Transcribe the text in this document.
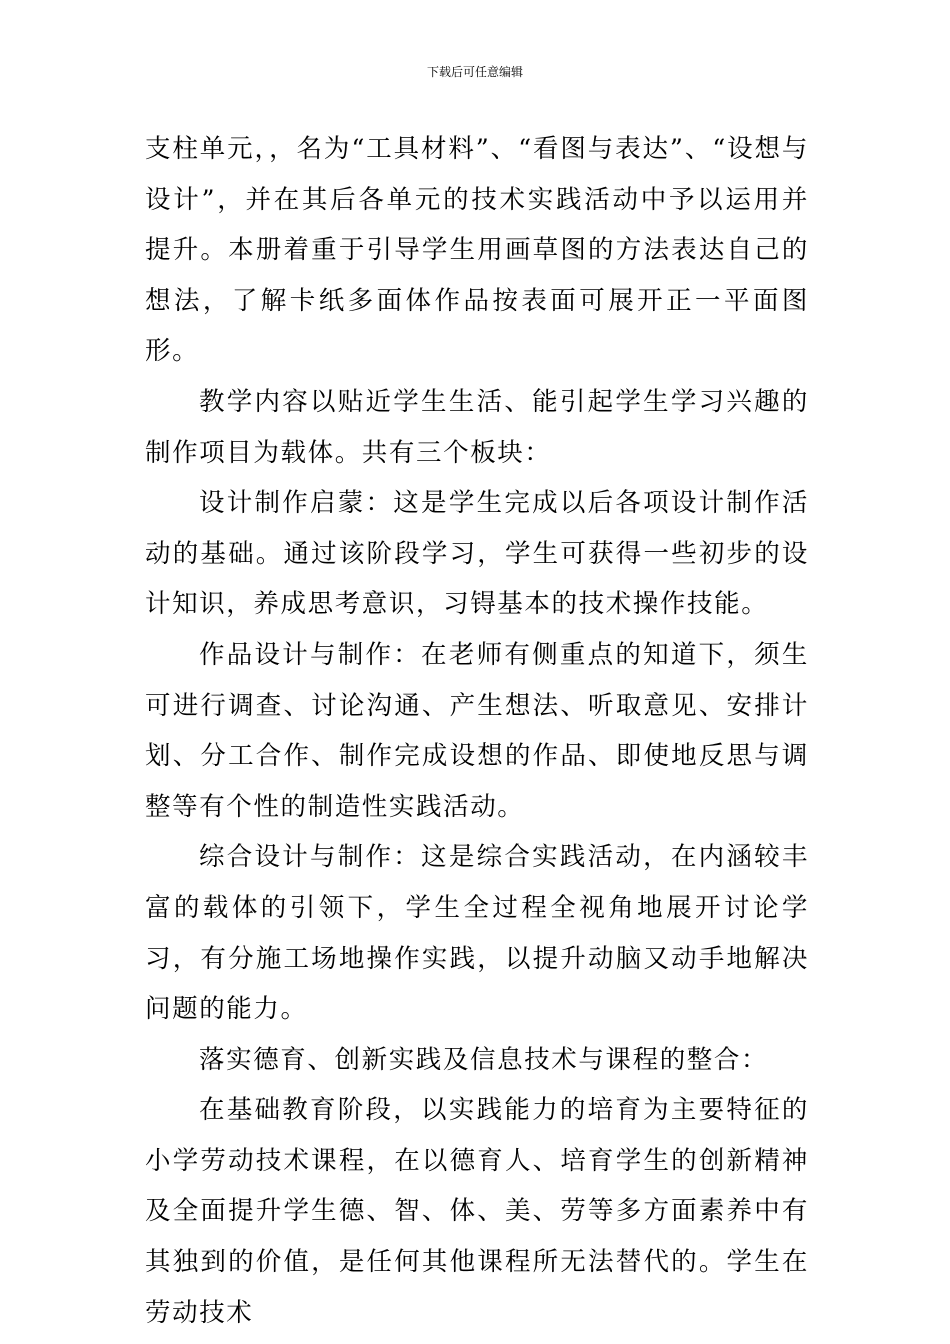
下载后可任意编辑

支柱单元，，名为“工具材料”、“看图与表达”、“设想与设计”，并在其后各单元的技术实践活动中予以运用并提升。本册着重于引导学生用画草图的方法表达自己的想法，了解卡纸多面体作品按表面可展开正一平面图形。

教学内容以贴近学生生活、能引起学生学习兴趣的制作项目为载体。共有三个板块：

设计制作启蒙：这是学生完成以后各项设计制作活动的基础。通过该阶段学习，学生可获得一些初步的设计知识，养成思考意识，习锝基本的技术操作技能。

作品设计与制作：在老师有侧重点的知道下，须生可进行调查、讨论沟通、产生想法、听取意见、安排计划、分工合作、制作完成设想的作品、即使地反思与调整等有个性的制造性实践活动。

综合设计与制作：这是综合实践活动，在内涵较丰富的载体的引领下，学生全过程全视角地展开讨论学习，有分施工场地操作实践，以提升动脑又动手地解决问题的能力。

落实德育、创新实践及信息技术与课程的整合：

在基础教育阶段，以实践能力的培育为主要特征的小学劳动技术课程，在以德育人、培育学生的创新精神及全面提升学生德、智、体、美、劳等多方面素养中有其独到的价值，是任何其他课程所无法替代的。学生在劳动技术
